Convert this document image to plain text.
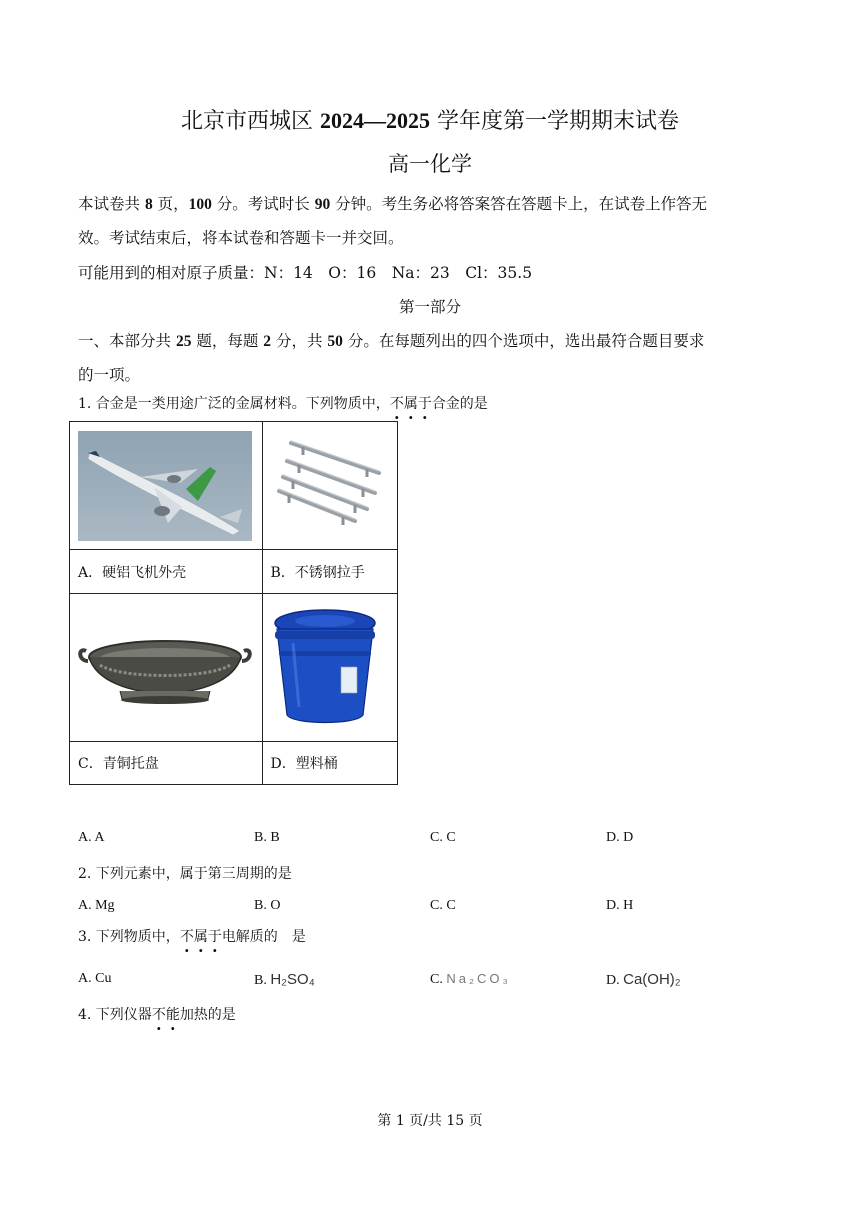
北京市西城区 2024—2025 学年度第一学期期末试卷
高一化学
本试卷共 8 页，100 分。考试时长 90 分钟。考生务必将答案答在答题卡上，在试卷上作答无
效。考试结束后，将本试卷和答题卡一并交回。
可能用到的相对原子质量：N：14　O：16　Na：23　Cl：35.5
第一部分
一、本部分共 25 题，每题 2 分，共 50 分。在每题列出的四个选项中，选出最符合题目要求
的一项。
1. 合金是一类用途广泛的金属材料。下列物质中，不属于合金的是

A．硬铝飞机外壳	B．不锈钢拉手

C．青铜托盘	D．塑料桶
A. A	B. B	C. C	D. D
2. 下列元素中，属于第三周期的是
A. Mg	B. O	C. C	D. H
3. 下列物质中，不属于电解质的　是
A. Cu	B. H₂SO₄	C. Na₂CO₃	D. Ca(OH)₂
4. 下列仪器不能加热的是
第 1 页/共 15 页
